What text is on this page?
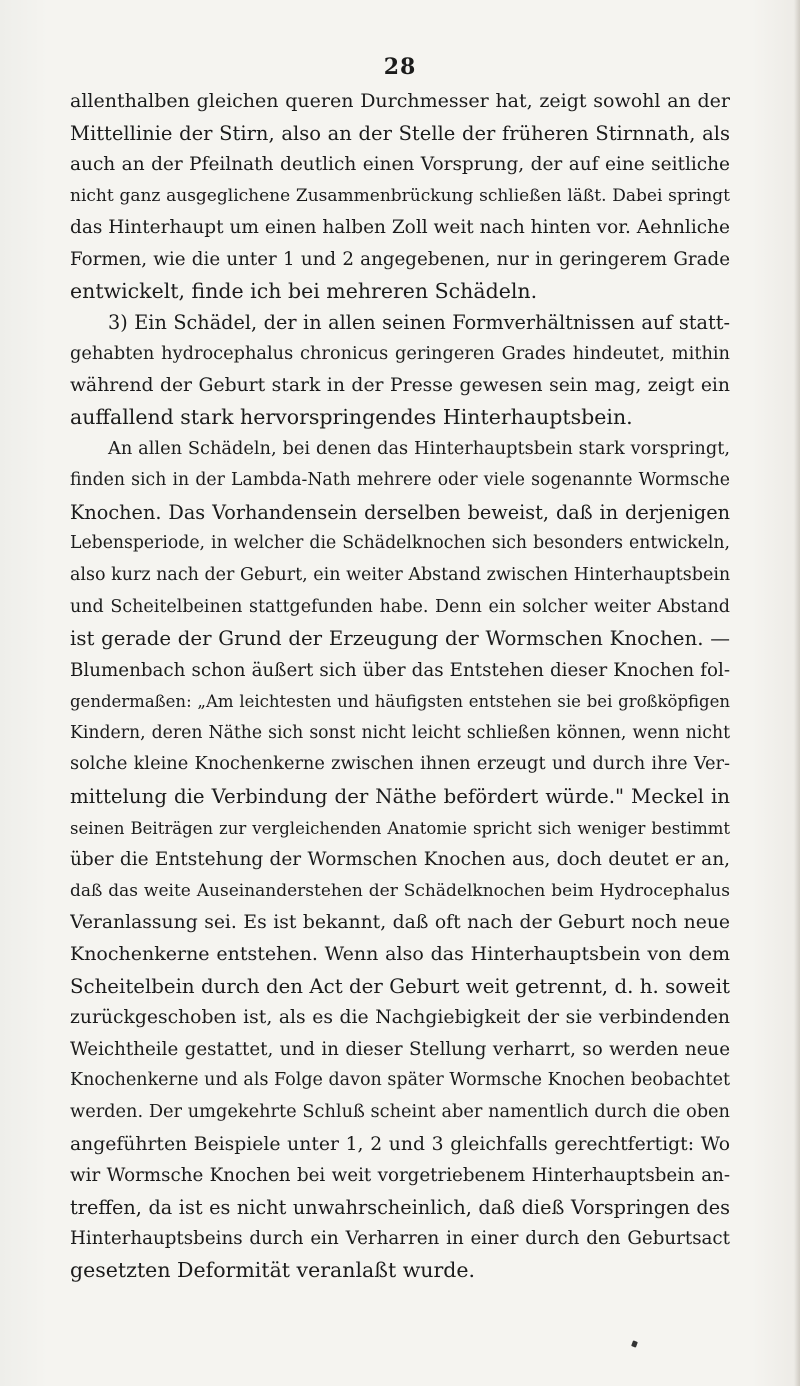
28
allenthalben gleichen queren Durchmesser hat, zeigt sowohl an der
Mittellinie der Stirn, also an der Stelle der früheren Stirnnath, als
auch an der Pfeilnath deutlich einen Vorsprung, der auf eine seitliche
nicht ganz ausgeglichene Zusammenbrückung schließen läßt. Dabei springt
das Hinterhaupt um einen halben Zoll weit nach hinten vor. Aehnliche
Formen, wie die unter 1 und 2 angegebenen, nur in geringerem Grade
entwickelt, finde ich bei mehreren Schädeln.
3) Ein Schädel, der in allen seinen Formverhältnissen auf statt-
gehabten hydrocephalus chronicus geringeren Grades hindeutet, mithin
während der Geburt stark in der Presse gewesen sein mag, zeigt ein
auffallend stark hervorspringendes Hinterhauptsbein.
An allen Schädeln, bei denen das Hinterhauptsbein stark vorspringt,
finden sich in der Lambda-Nath mehrere oder viele sogenannte Wormsche
Knochen. Das Vorhandensein derselben beweist, daß in derjenigen
Lebensperiode, in welcher die Schädelknochen sich besonders entwickeln,
also kurz nach der Geburt, ein weiter Abstand zwischen Hinterhauptsbein
und Scheitelbeinen stattgefunden habe. Denn ein solcher weiter Abstand
ist gerade der Grund der Erzeugung der Wormschen Knochen. —
Blumenbach schon äußert sich über das Entstehen dieser Knochen fol-
gendermaßen: „Am leichtesten und häufigsten entstehen sie bei großköpfigen
Kindern, deren Näthe sich sonst nicht leicht schließen können, wenn nicht
solche kleine Knochenkerne zwischen ihnen erzeugt und durch ihre Ver-
mittelung die Verbindung der Näthe befördert würde." Meckel in
seinen Beiträgen zur vergleichenden Anatomie spricht sich weniger bestimmt
über die Entstehung der Wormschen Knochen aus, doch deutet er an,
daß das weite Auseinanderstehen der Schädelknochen beim Hydrocephalus
Veranlassung sei. Es ist bekannt, daß oft nach der Geburt noch neue
Knochenkerne entstehen. Wenn also das Hinterhauptsbein von dem
Scheitelbein durch den Act der Geburt weit getrennt, d. h. soweit
zurückgeschoben ist, als es die Nachgiebigkeit der sie verbindenden
Weichtheile gestattet, und in dieser Stellung verharrt, so werden neue
Knochenkerne und als Folge davon später Wormsche Knochen beobachtet
werden. Der umgekehrte Schluß scheint aber namentlich durch die oben
angeführten Beispiele unter 1, 2 und 3 gleichfalls gerechtfertigt: Wo
wir Wormsche Knochen bei weit vorgetriebenem Hinterhauptsbein an-
treffen, da ist es nicht unwahrscheinlich, daß dieß Vorspringen des
Hinterhauptsbeins durch ein Verharren in einer durch den Geburtsact
gesetzten Deformität veranlaßt wurde.
